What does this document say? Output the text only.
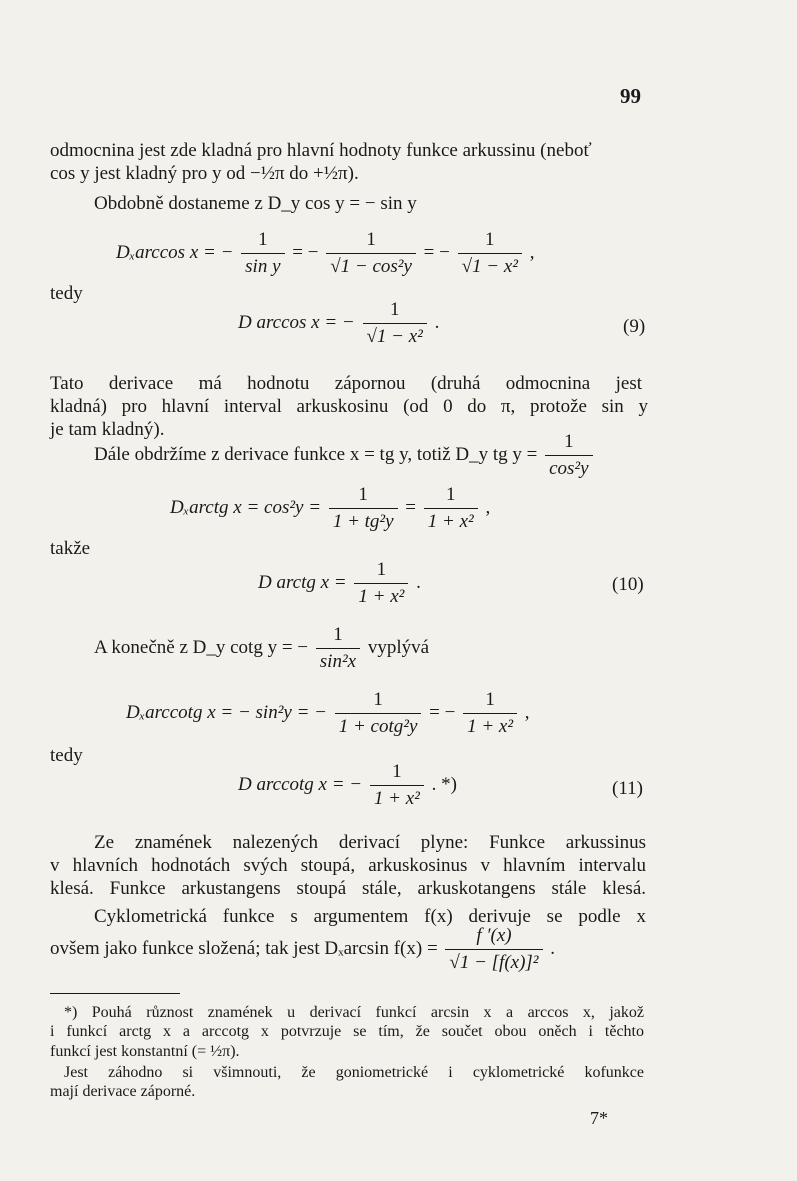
99
odmocnina jest zde kladná pro hlavní hodnoty funkce arkussinu (neboť
cos y jest kladný pro y od −½π do +½π).
Obdobně dostaneme z D_y cos y = − sin y
Dₓarccos x = − $\frac{1}{\text{sin y}}$ = − $\frac{1}{\text{√1 − cos²y}}$ = − $\frac{1}{\text{√1 − x²}}$ ,
tedy
D arccos x = − $\frac{1}{\text{√1 − x²}}$ .	(9)
Tato derivace má hodnotu zápornou (druhá odmocnina jest
kladná) pro hlavní interval arkuskosinu (od 0 do π, protože sin y
je tam kladný).
Dále obdržíme z derivace funkce x = tg y, totiž D_y tg $y = \frac{1}{\text{cos²y}}$
Dₓarctg $x = \cos^2y = \frac{1}{\text{1 + tg²y}} = \frac{1}{\text{1 + x²}}$ ,
takže
D arctg $x = \frac{1}{\text{1 + x²}}$ .	(10)
A konečně z D_y cotg y = − $\frac{1}{\text{sin²x}}$ vyplývá
Dₓarccotg x = − sin²y = − $\frac{1}{\text{1 + cotg²y}}$ = − $\frac{1}{\text{1 + x²}}$ ,
tedy
D arccotg x = − $\frac{1}{\text{1 + x²}}$ . *)	(11)
Ze znamének nalezených derivací plyne: Funkce arkussinus
v hlavních hodnotách svých stoupá, arkuskosinus v hlavním intervalu
klesá. Funkce arkustangens stoupá stále, arkuskotangens stále klesá.
Cyklometrická funkce s argumentem f(x) derivuje se podle x
ovšem jako funkce složená; tak jest Dₓarcsin $f(x) = \frac{f '(x)}{\text{√1 − [f(x)]²}}$ .
*) Pouhá různost znamének u derivací funkcí arcsin x a arccos x, jakož
i funkcí arctg x a arccotg x potvrzuje se tím, že součet obou oněch i těchto
funkcí jest konstantní (= ½π).
Jest záhodno si všimnouti, že goniometrické i cyklometrické kofunkce
mají derivace záporné.
7*
